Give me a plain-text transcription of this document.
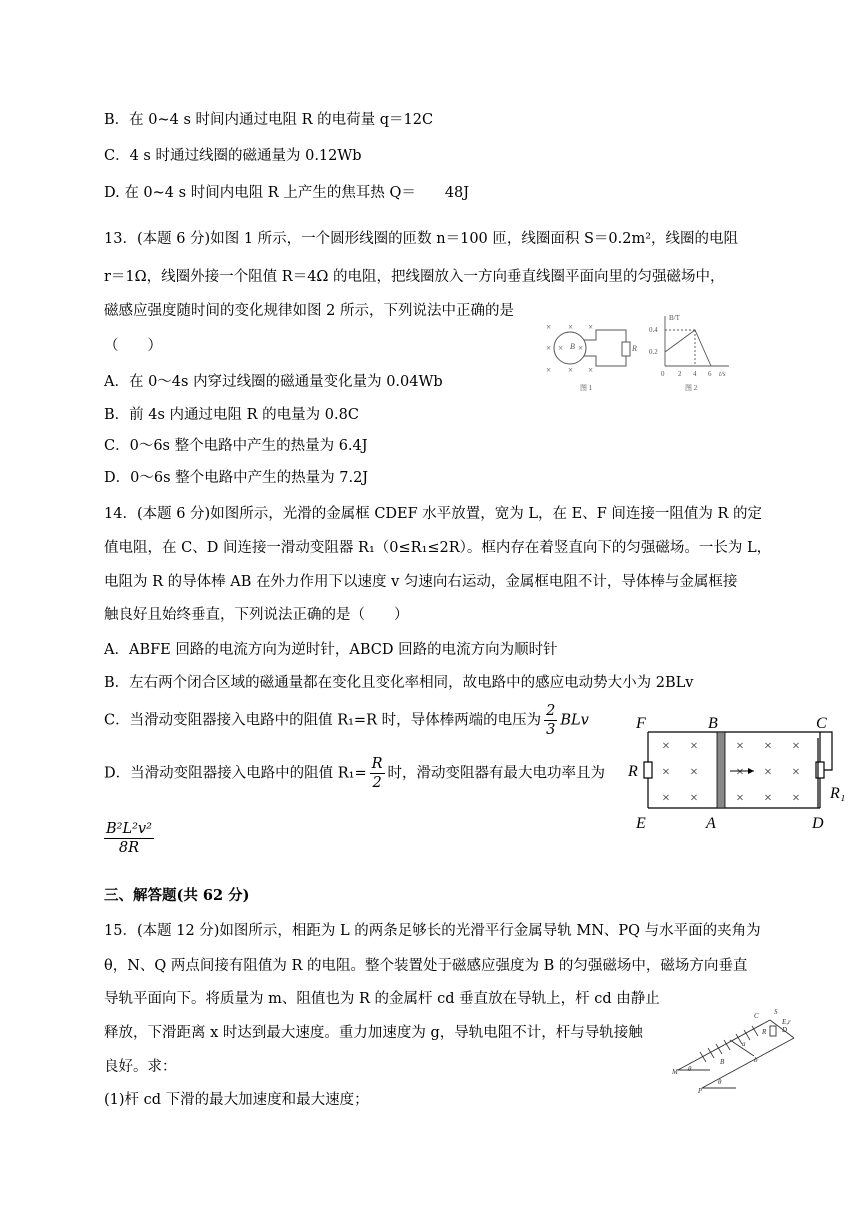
B．在 0~4 s 时间内通过电阻 R 的电荷量 q＝12C
C．4 s 时通过线圈的磁通量为 0.12Wb
D. 在 0~4 s 时间内电阻 R 上产生的焦耳热 Q＝　　48J
13．(本题 6 分)如图 1 所示，一个圆形线圈的匝数 n＝100 匝，线圈面积 S＝0.2m²，线圈的电阻
r＝1Ω，线圈外接一个阻值 R＝4Ω 的电阻，把线圈放入一方向垂直线圈平面向里的匀强磁场中，
磁感应强度随时间的变化规律如图 2 所示，下列说法中正确的是
（　　）
A．在 0～4s 内穿过线圈的磁通量变化量为 0.04Wb
B．前 4s 内通过电阻 R 的电量为 0.8C
C．0～6s 整个电路中产生的热量为 6.4J
D．0～6s 整个电路中产生的热量为 7.2J
× × ×
× × ×
× × ×
B	R
图 1
B/T
0.4
0.2
0 2 4 6 t/s
图 2
14．(本题 6 分)如图所示，光滑的金属框 CDEF 水平放置，宽为 L，在 E、F 间连接一阻值为 R 的定
值电阻，在 C、D 间连接一滑动变阻器 R₁（0≤R₁≤2R）。框内存在着竖直向下的匀强磁场。一长为 L，
电阻为 R 的导体棒 AB 在外力作用下以速度 v 匀速向右运动，金属框电阻不计，导体棒与金属框接
触良好且始终垂直，下列说法正确的是（　　）
A．ABFE 回路的电流方向为逆时针，ABCD 回路的电流方向为顺时针
B．左右两个闭合区域的磁通量都在变化且变化率相同，故电路中的感应电动势大小为 2BLv
C．当滑动变阻器接入电路中的阻值 R₁=R 时，导体棒两端的电压为 $\frac{2}{3}$ BLv
D．当滑动变阻器接入电路中的阻值 $R_1= \frac{R}{2}$ 时，滑动变阻器有最大电功率且为
$\frac{\text{B²L²v²}}{8R}$
× ×	× × ×
× ×	× × ×
× ×	× × ×
F	B	C
R
R₁
E	A	D
三、解答题(共 62 分)
15．(本题 12 分)如图所示，相距为 L 的两条足够长的光滑平行金属导轨 MN、PQ 与水平面的夹角为
θ，N、Q 两点间接有阻值为 R 的电阻。整个装置处于磁感应强度为 B 的匀强磁场中，磁场方向垂直
导轨平面向下。将质量为 m、阻值也为 R 的金属杆 cd 垂直放在导轨上，杆 cd 由静止
释放，下滑距离 x 时达到最大速度。重力加速度为 g，导轨电阻不计，杆与导轨接触
良好。求：
(1)杆 cd 下滑的最大加速度和最大速度；
M θ
P
θ
B	b
a
R
C S
E,r
D
